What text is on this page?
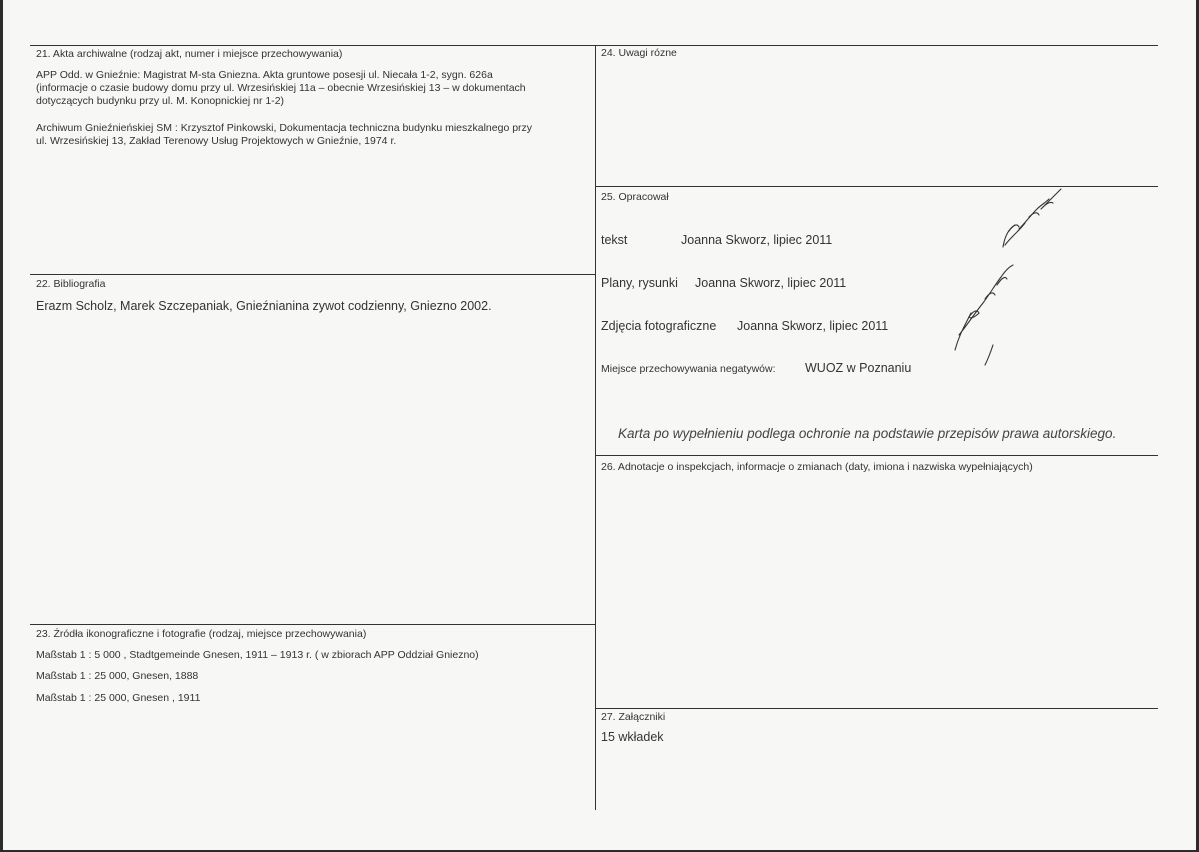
21. Akta archiwalne (rodzaj akt, numer i miejsce przechowywania)
APP Odd. w Gnieźnie: Magistrat M-sta Gniezna. Akta gruntowe posesji ul. Niecała 1-2, sygn. 626a
(informacje o czasie budowy domu przy ul. Wrzesińskiej 11a – obecnie Wrzesińskiej 13 – w dokumentach
dotyczących budynku przy ul. M. Konopnickiej nr 1-2)
Archiwum Gnieźnieńskiej SM : Krzysztof Pinkowski, Dokumentacja techniczna budynku mieszkalnego przy
ul. Wrzesińskiej 13, Zakład Terenowy Usług Projektowych w Gnieźnie, 1974 r.
22. Bibliografia
Erazm Scholz, Marek Szczepaniak, Gnieźnianina zywot codzienny, Gniezno 2002.
23. Źródła ikonograficzne i fotografie (rodzaj, miejsce przechowywania)
Maßstab 1 : 5 000 , Stadtgemeinde Gnesen, 1911 – 1913 r. ( w zbiorach APP Oddział Gniezno)
Maßstab 1 : 25 000, Gnesen, 1888
Maßstab 1 : 25 000, Gnesen , 1911
24. Uwagi rózne
25. Opracował
tekst	Joanna Skworz, lipiec 2011
Plany, rysunki Joanna Skworz, lipiec 2011
Zdjęcia fotograficzne Joanna Skworz, lipiec 2011
Miejsce przechowywania negatywów: WUOZ w Poznaniu
Karta po wypełnieniu podlega ochronie na podstawie przepisów prawa autorskiego.
26. Adnotacje o inspekcjach, informacje o zmianach (daty, imiona i nazwiska wypełniających)
27. Załączniki
15 wkładek
